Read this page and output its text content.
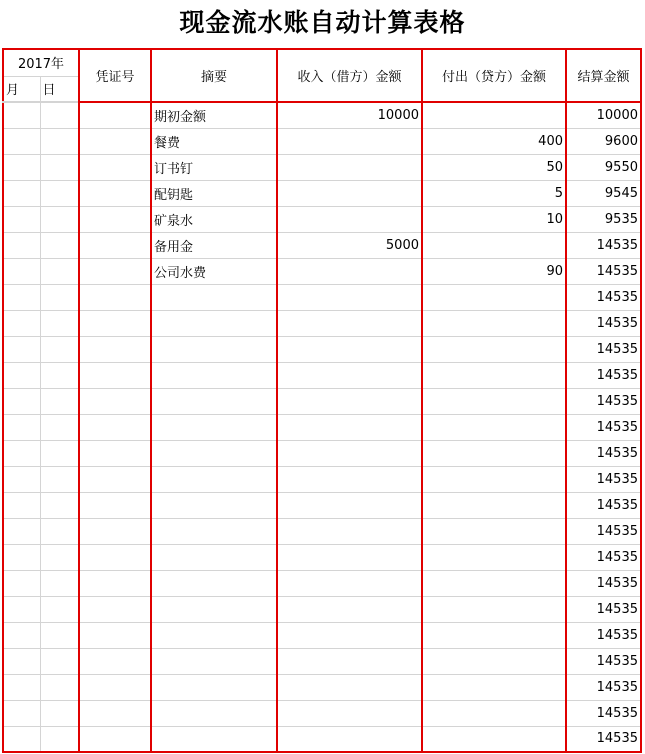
现金流水账自动计算表格
2017年		凭证号	摘要	收入（借方）金额	付出（贷方）金额	结算金额
月	日					
			期初金额	10000		10000
			餐费		400	9600
			订书钉		50	9550
			配钥匙		5	9545
			矿泉水		10	9535
			备用金	5000		14535
			公司水费		90	14535
						14535
						14535
						14535
						14535
						14535
						14535
						14535
						14535
						14535
						14535
						14535
						14535
						14535
						14535
						14535
						14535
						14535
						14535
